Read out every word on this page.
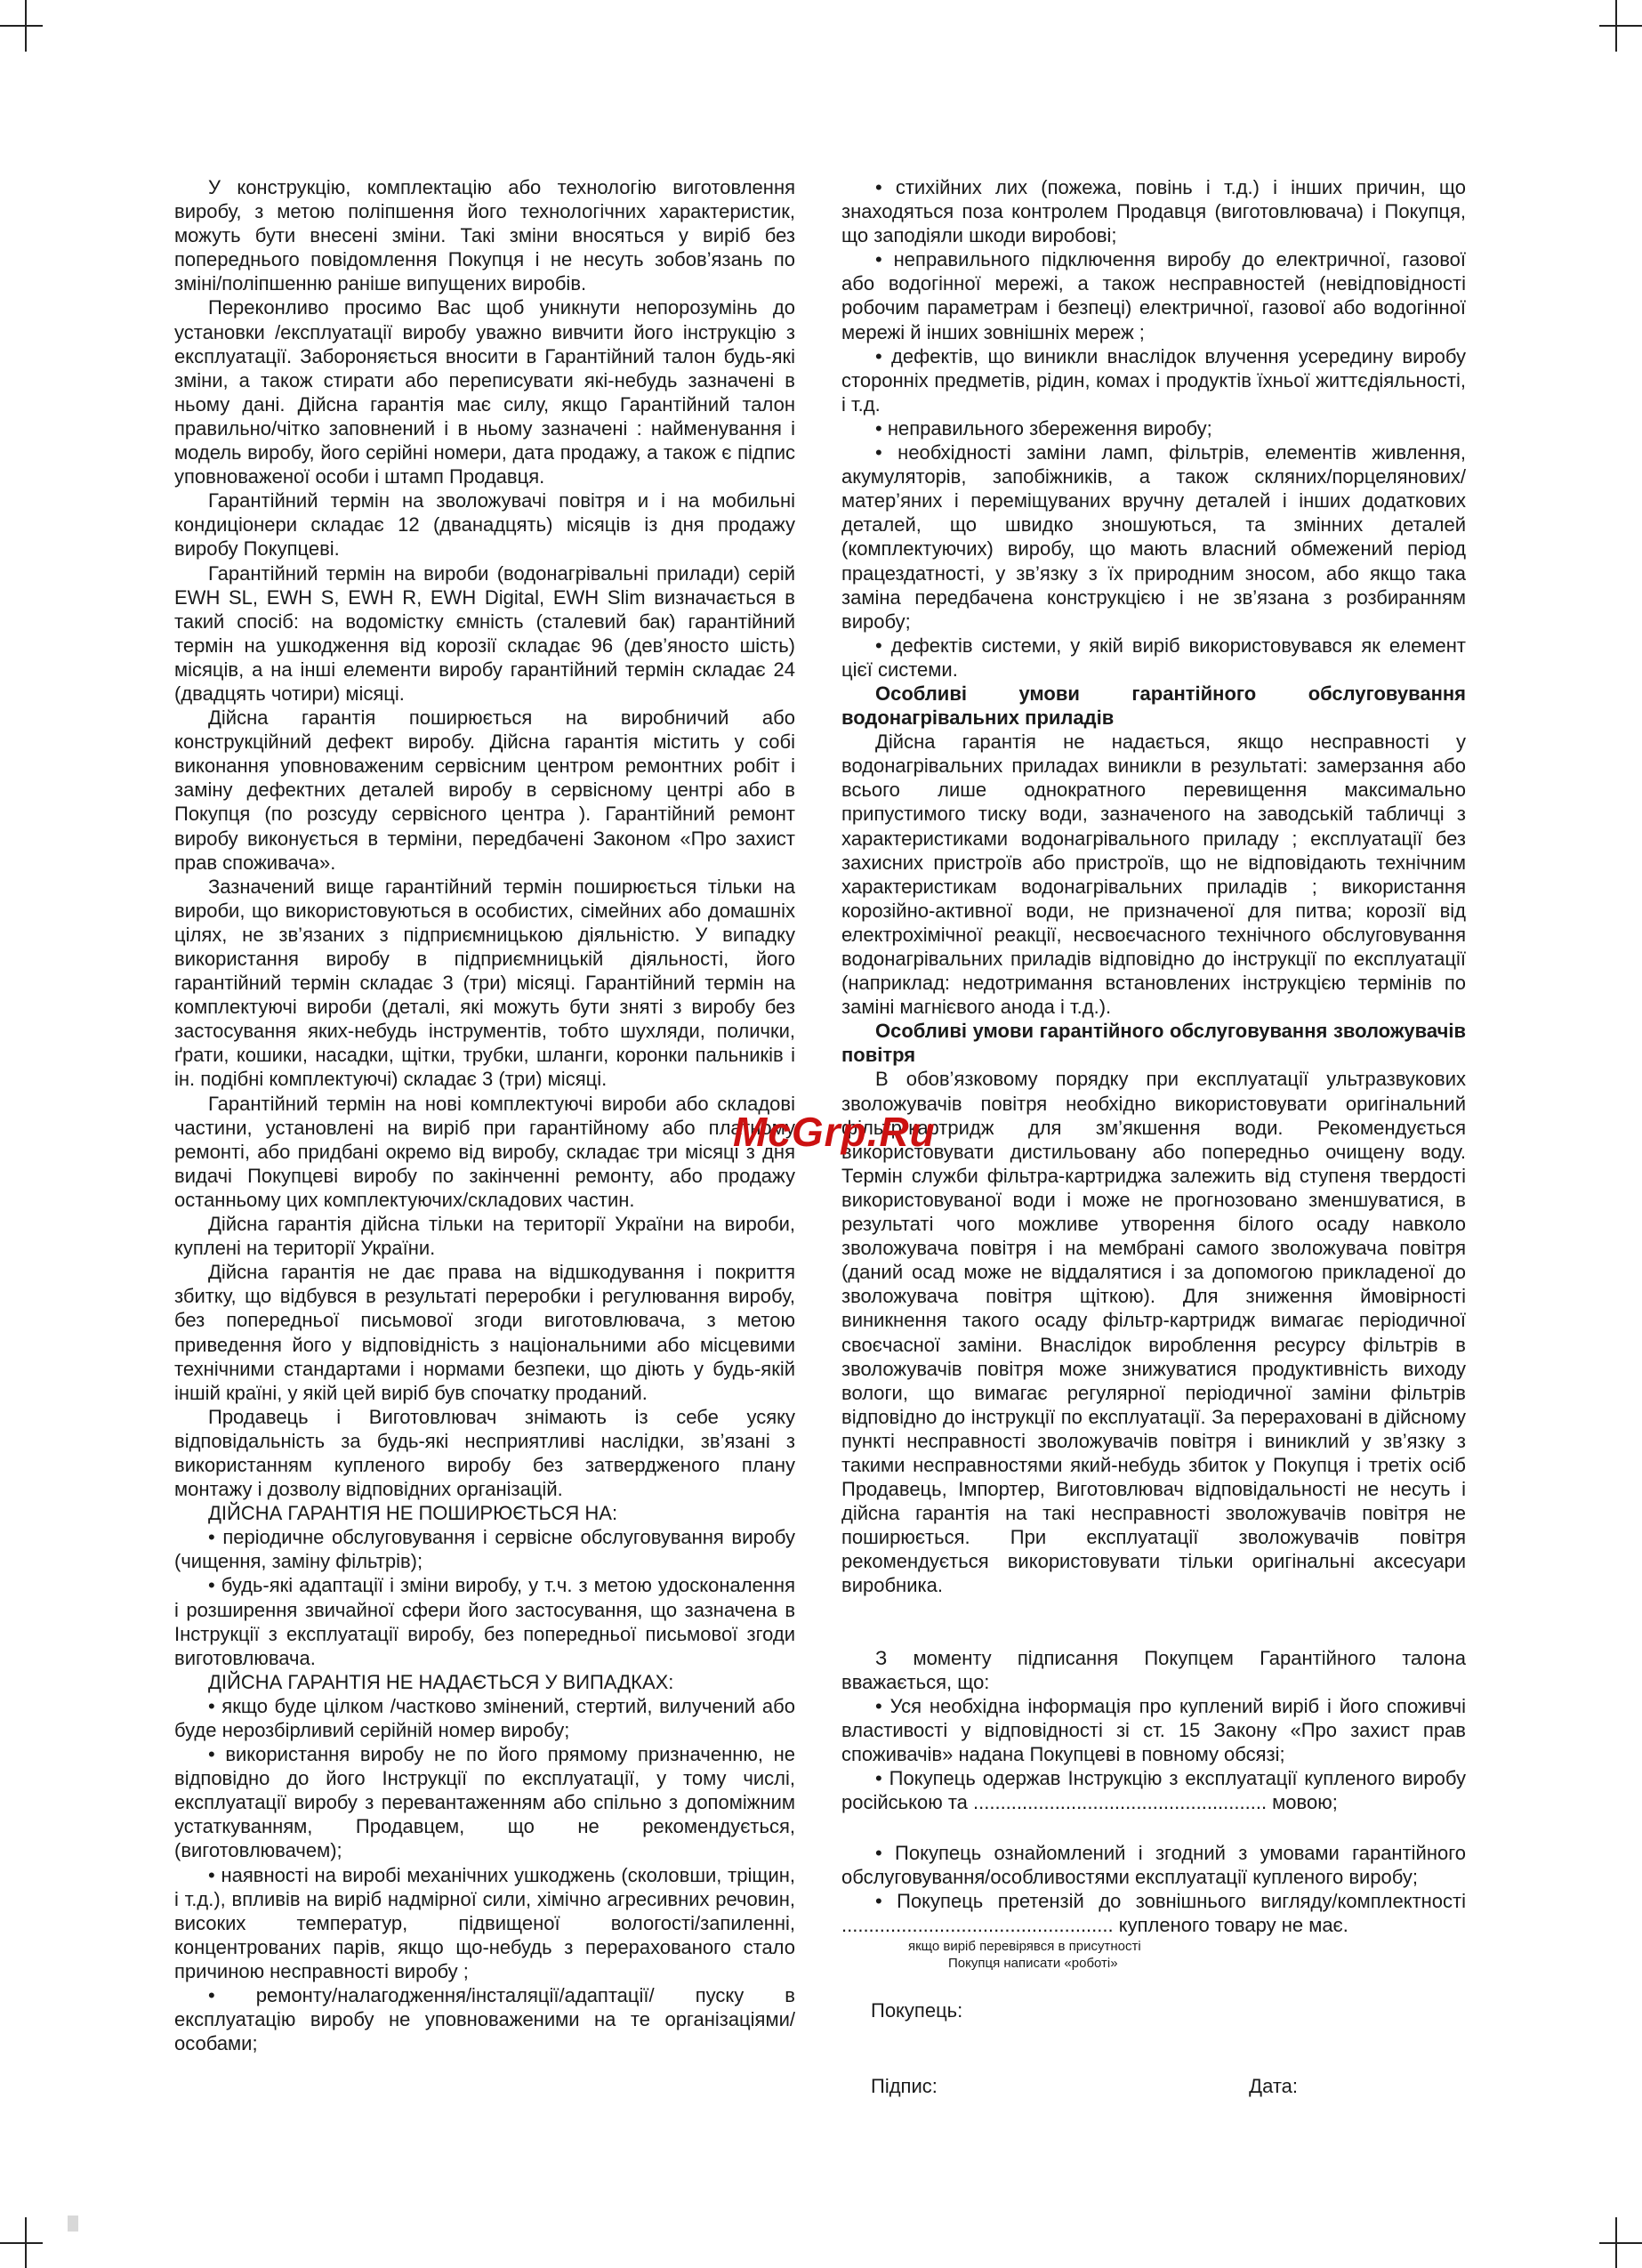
У конструкцію, комплектацію або технологію виготовлення виробу, з метою поліпшення його технологічних характеристик, можуть бути внесені зміни. Такі зміни вносяться у виріб без попереднього повідомлення Покупця і не несуть зобов’язань по зміні/поліпшенню раніше випущених виробів.

Переконливо просимо Вас щоб уникнути непорозумінь до установки /експлуатації виробу уважно вивчити його інструкцію з експлуатації. Забороняється вносити в Гарантійний талон будь-які зміни, а також стирати або переписувати які-небудь зазначені в ньому дані. Дійсна гарантія має силу, якщо Гарантійний талон правильно/чітко заповнений і в ньому зазначені : найменування і модель виробу, його серійні номери, дата продажу, а також є підпис уповноваженої особи і штамп Продавця.

Гарантійний термін на зволожувачі повітря и і на мобильні кондиціонери складає 12 (дванадцять) місяців із дня продажу виробу Покупцеві.

Гарантійний термін на вироби (водонагрівальні прилади) серій EWH SL, EWH S, EWH R, EWH Digital, EWH Slim визначається в такий спосіб: на водомістку ємність (сталевий бак) гарантійний термін на ушкодження від корозії складає 96 (дев’яносто шість) місяців, а на інші елементи виробу гарантійний термін складає 24 (двадцять чотири) місяці.

Дійсна гарантія поширюється на виробничий або конструкційний дефект виробу. Дійсна гарантія містить у собі виконання уповноваженим сервісним центром ремонтних робіт і заміну дефектних деталей виробу в сервісному центрі або в Покупця (по розсуду сервісного центра ). Гарантійний ремонт виробу виконується в терміни, передбачені Законом «Про захист прав споживача».

Зазначений вище гарантійний термін поширюється тільки на вироби, що використовуються в особистих, сімейних або домашніх цілях, не зв’язаних з підприємницькою діяльністю. У випадку використання виробу в підприємницькій діяльності, його гарантійний термін складає 3 (три) місяці. Гарантійний термін на комплектуючі вироби (деталі, які можуть бути зняті з виробу без застосування яких-небудь інструментів, тобто шухляди, полички, ґрати, кошики, насадки, щітки, трубки, шланги, коронки пальників і ін. подібні комплектуючі) складає 3 (три) місяці.

Гарантійний термін на нові комплектуючі вироби або складові частини, установлені на виріб при гарантійному або платному ремонті, або придбані окремо від виробу, складає три місяці з дня видачі Покупцеві виробу по закінченні ремонту, або продажу останньому цих комплектуючих/складових частин.

Дійсна гарантія дійсна тільки на території України на вироби, куплені на території України.

Дійсна гарантія не дає права на відшкодування і покриття збитку, що відбувся в результаті переробки і регулювання виробу, без попередньої письмової згоди виготовлювача, з метою приведення його у відповідність з національними або місцевими технічними стандартами і нормами безпеки, що діють у будь-якій іншій країні, у якій цей виріб був спочатку проданий.

Продавець і Виготовлювач знімають із себе усяку відповідальність за будь-які несприятливі наслідки, зв’язані з використанням купленого виробу без затвердженого плану монтажу і дозволу відповідних організацій.

ДІЙСНА ГАРАНТІЯ НЕ ПОШИРЮЄТЬСЯ НА:

• періодичне обслуговування і сервісне обслуговування виробу (чищення, заміну фільтрів);

• будь-які адаптації і зміни виробу, у т.ч. з метою удосконалення і розширення звичайної сфери його застосування, що зазначена в Інструкції з експлуатації виробу, без попередньої письмової згоди виготовлювача.

ДІЙСНА ГАРАНТІЯ НЕ НАДАЄТЬСЯ У ВИПАДКАХ:

• якщо буде цілком /частково змінений, стертий, вилучений або буде нерозбірливий серійній номер виробу;

• використання виробу не по його прямому призначенню, не відповідно до його Інструкції по експлуатації, у тому числі, експлуатації виробу з перевантаженням або спільно з допоміжним устаткуванням, Продавцем, що не рекомендується, (виготовлювачем);

• наявності на виробі механічних ушкоджень (сколовши, тріщин, і т.д.), впливів на виріб надмірної сили, хімічно агресивних речовин, високих температур, підвищеної вологості/запиленні, концентрованих парів, якщо що-небудь з перерахованого стало причиною несправності виробу ;

• ремонту/налагодження/інсталяції/адаптації/ пуску в експлуатацію виробу не уповноваженими на те організаціями/особами;

• стихійних лих (пожежа, повінь і т.д.) і інших причин, що знаходяться поза контролем Продавця (виготовлювача) і Покупця, що заподіяли шкоди виробові;

• неправильного підключення виробу до електричної, газової або водогінної мережі, а також несправностей (невідповідності робочим параметрам і безпеці) електричної, газової або водогінної мережі й інших зовнішніх мереж ;

• дефектів, що виникли внаслідок влучення усередину виробу сторонніх предметів, рідин, комах і продуктів їхньої життєдіяльності, і т.д.

• неправильного збереження виробу;

• необхідності заміни ламп, фільтрів, елементів живлення, акумуляторів, запобіжників, а також скляних/порцелянових/матер’яних і переміщуваних вручну деталей і інших додаткових деталей, що швидко зношуються, та змінних деталей (комплектуючих) виробу, що мають власний обмежений період працездатності, у зв’язку з їх природним зносом, або якщо така заміна передбачена конструкцією і не зв’язана з розбиранням виробу;

• дефектів системи, у якій виріб використовувався як елемент цієї системи.

Особливі умови гарантійного обслуговування водонагрівальних приладів

Дійсна гарантія не надається, якщо несправності у водонагрівальних приладах виникли в результаті: замерзання або всього лише однократного перевищення максимально припустимого тиску води, зазначеного на заводській табличці з характеристиками водонагрівального приладу ; експлуатації без захисних пристроїв або пристроїв, що не відповідають технічним характеристикам водонагрівальних приладів ; використання корозійно-активної води, не призначеної для питва; корозії від електрохімічної реакції, несвоєчасного технічного обслуговування водонагрівальних приладів відповідно до інструкції по експлуатації (наприклад: недотримання встановлених інструкцією термінів по заміні магнієвого анода і т.д.).

Особливі умови гарантійного обслуговування зволожувачів повітря

В обов’язковому порядку при експлуатації ультразвукових зволожувачів повітря необхідно використовувати оригінальний фільтр-картридж для зм’якшення води. Рекомендується використовувати дистильовану або попередньо очищену воду. Термін служби фільтра-картриджа залежить від ступеня твердості використовуваної води і може не прогнозовано зменшуватися, в результаті чого можливе утворення білого осаду навколо зволожувача повітря і на мембрані самого зволожувача повітря (даний осад може не віддалятися і за допомогою прикладеної до зволожувача повітря щіткою). Для зниження ймовірності виникнення такого осаду фільтр-картридж вимагає періодичної своєчасної заміни. Внаслідок вироблення ресурсу фільтрів в зволожувачів повітря може знижуватися продуктивність виходу вологи, що вимагає регулярної періодичної заміни фільтрів відповідно до інструкції по експлуатації. За перераховані в дійсному пункті несправності зволожувачів повітря і виниклий у зв’язку з такими несправностями який-небудь збиток у Покупця і третіх осіб Продавець, Імпортер, Виготовлювач відповідальності не несуть і дійсна гарантія на такі несправності зволожувачів повітря не поширюється. При експлуатації зволожувачів повітря рекомендується використовувати тільки оригінальні аксесуари виробника.

З моменту підписання Покупцем Гарантійного талона вважається, що:

• Уся необхідна інформація про куплений виріб і його споживчі властивості у відповідності зі ст. 15 Закону «Про захист прав споживачів» надана Покупцеві в повному обсязі;

• Покупець одержав Інструкцію з експлуатації купленого виробу російською та ...................................................... мовою;

• Покупець ознайомлений і згодний з умовами гарантійного обслуговування/особливостями експлуатації купленого виробу;

• Покупець претензій до зовнішнього вигляду/комплектності .................................................. купленого товару не має.

якщо виріб перевірявся в присутності
Покупця написати «роботі»

Покупець:

Підпис:	Дата:
McGrp.Ru
